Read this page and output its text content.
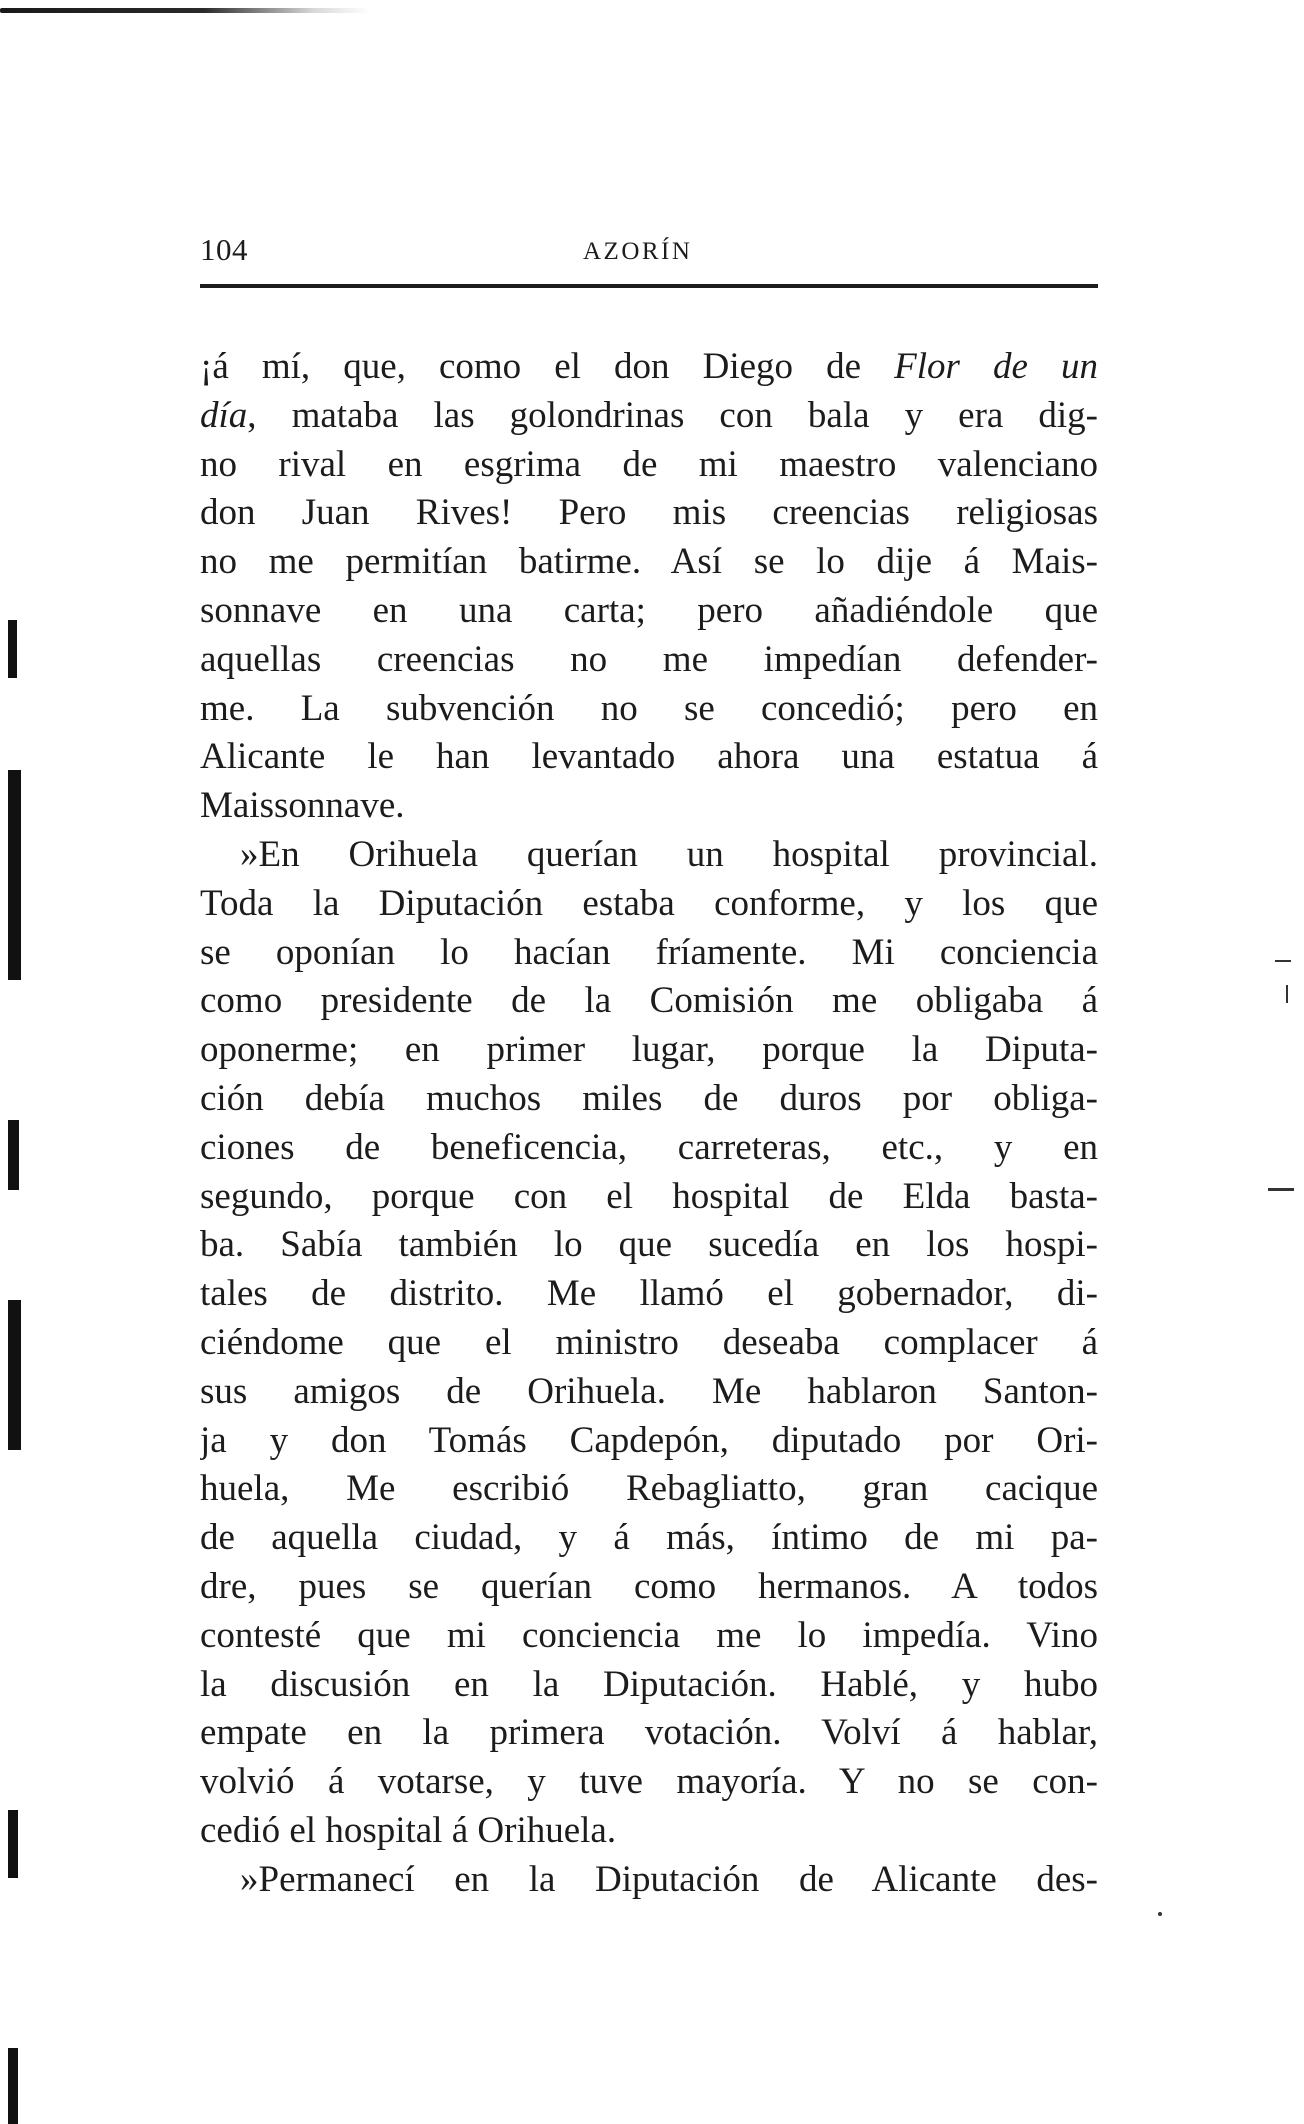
104	AZORÍN
¡á mí, que, como el don Diego de Flor de un
día, mataba las golondrinas con bala y era dig-
no rival en esgrima de mi maestro valenciano
don Juan Rives! Pero mis creencias religiosas
no me permitían batirme. Así se lo dije á Mais-
sonnave en una carta; pero añadiéndole que
aquellas creencias no me impedían defender-
me. La subvención no se concedió; pero en
Alicante le han levantado ahora una estatua á
Maissonnave.
»En Orihuela querían un hospital provincial.
Toda la Diputación estaba conforme, y los que
se oponían lo hacían fríamente. Mi conciencia
como presidente de la Comisión me obligaba á
oponerme; en primer lugar, porque la Diputa-
ción debía muchos miles de duros por obliga-
ciones de beneficencia, carreteras, etc., y en
segundo, porque con el hospital de Elda basta-
ba. Sabía también lo que sucedía en los hospi-
tales de distrito. Me llamó el gobernador, di-
ciéndome que el ministro deseaba complacer á
sus amigos de Orihuela. Me hablaron Santon-
ja y don Tomás Capdepón, diputado por Ori-
huela, Me escribió Rebagliatto, gran cacique
de aquella ciudad, y á más, íntimo de mi pa-
dre, pues se querían como hermanos. A todos
contesté que mi conciencia me lo impedía. Vino
la discusión en la Diputación. Hablé, y hubo
empate en la primera votación. Volví á hablar,
volvió á votarse, y tuve mayoría. Y no se con-
cedió el hospital á Orihuela.
»Permanecí en la Diputación de Alicante des-
